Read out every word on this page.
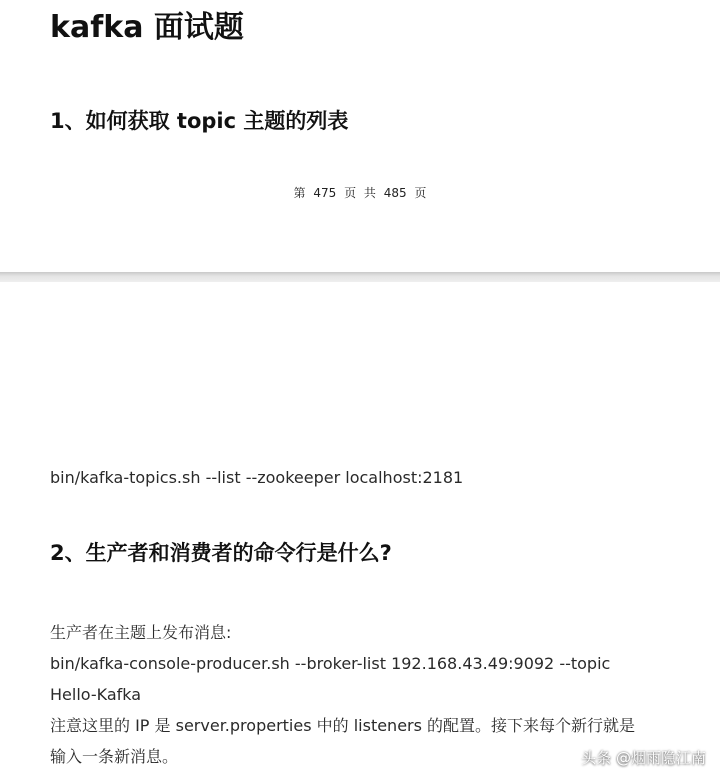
kafka 面试题
1、如何获取 topic 主题的列表
第 475 页 共 485 页

bin/kafka-topics.sh --list --zookeeper localhost:2181

2、生产者和消费者的命令行是什么?

生产者在主题上发布消息:

bin/kafka-console-producer.sh --broker-list 192.168.43.49:9092 --topic

Hello-Kafka

注意这里的 IP 是 server.properties 中的 listeners 的配置。接下来每个新行就是

输入一条新消息。	头条 @烟雨隐江南
